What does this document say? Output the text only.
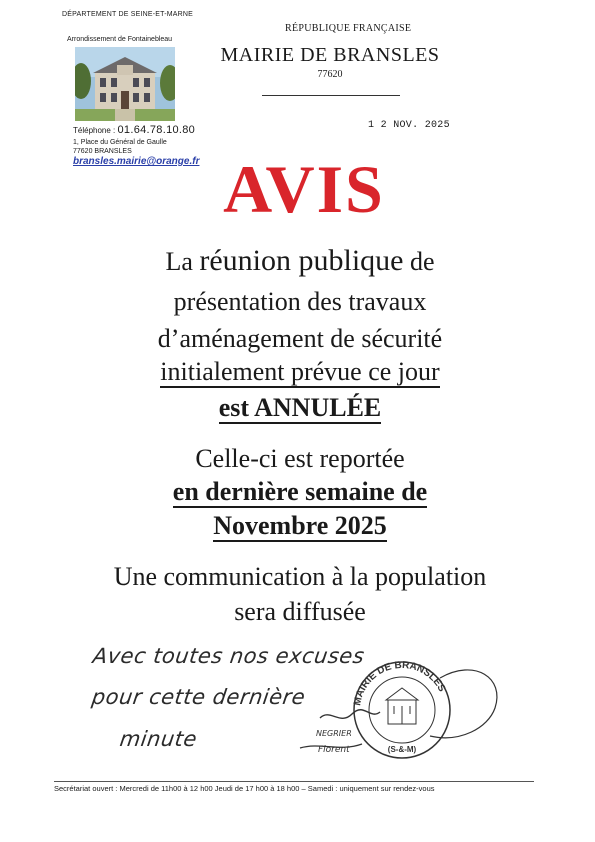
DÉPARTEMENT DE SEINE-ET-MARNE
Arrondissement de Fontainebleau
RÉPUBLIQUE FRANÇAISE
MAIRIE DE BRANSLES
77620
1 2 NOV. 2025
Téléphone : 01.64.78.10.80
1, Place du Général de Gaulle
77620 BRANSLES
bransles.mairie@orange.fr AVIS
La réunion publique de
présentation des travaux
d’aménagement de sécurité
initialement prévue ce jour
est ANNULÉE
Celle-ci est reportée
en dernière semaine de
Novembre 2025
Une communication à la population
sera diffusée
Avec toutes nos excuses
pour cette dernière
minute
MAIRIE DE BRANSLES
(S-&-M)
NEGRIER
Florent
Secrétariat ouvert : Mercredi de 11h00 à 12 h00 Jeudi de 17 h00 à 18 h00 – Samedi : uniquement sur rendez-vous
